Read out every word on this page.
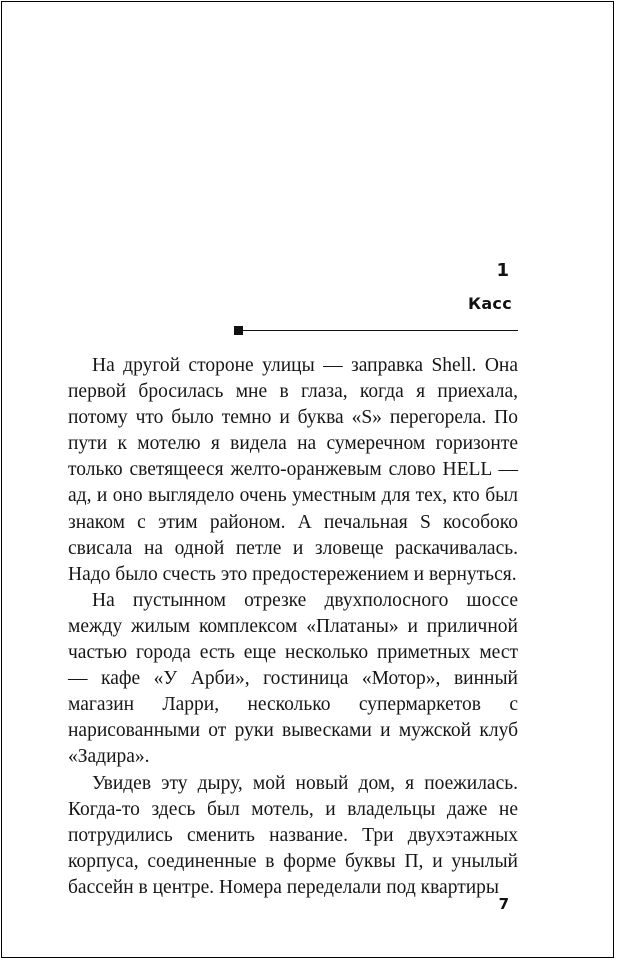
1
Касс

На другой стороне улицы — заправка Shell. Она первой бросилась мне в глаза, когда я приехала, потому что было темно и буква «S» перегорела. По пути к мотелю я видела на сумеречном горизонте только светящееся желто-оранжевым слово HELL — ад, и оно выглядело очень уместным для тех, кто был знаком с этим районом. А печальная S кособоко свисала на одной петле и зловеще раскачивалась. Надо было счесть это предостережением и вернуться.

На пустынном отрезке двухполосного шоссе между жилым комплексом «Платаны» и приличной частью города есть еще несколько приметных мест — кафе «У Арби», гостиница «Мотор», винный магазин Ларри, несколько супермаркетов с нарисованными от руки вывесками и мужской клуб «Задира».

Увидев эту дыру, мой новый дом, я поежилась. Когда-то здесь был мотель, и владельцы даже не потрудились сменить название. Три двухэтажных корпуса, соединенные в форме буквы П, и унылый бассейн в центре. Номера переделали под квартиры

7
